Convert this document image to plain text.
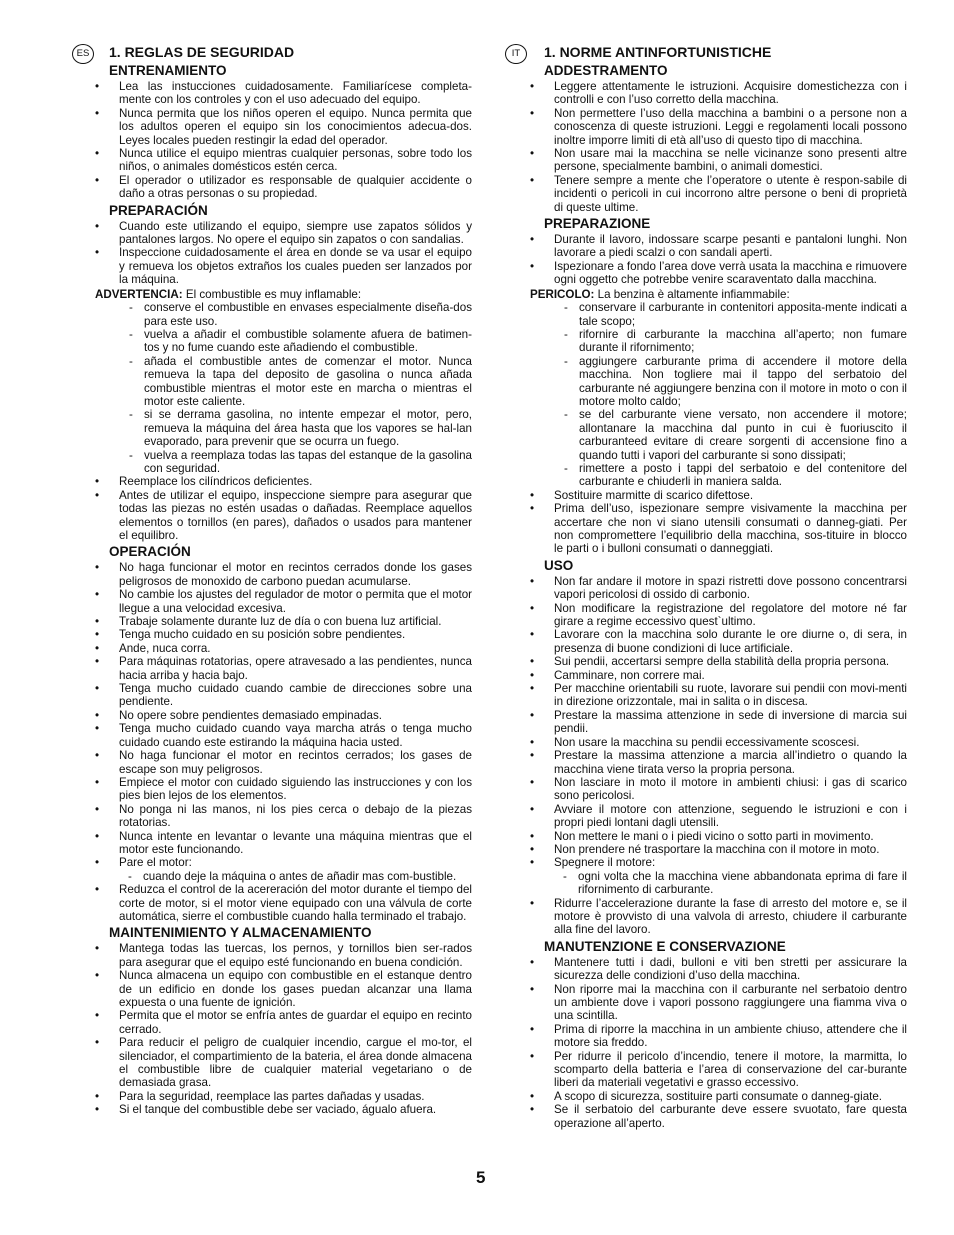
ES	IT
1. REGLAS DE SEGURIDAD
ENTRENAMIENTO
• Lea las instucciones cuidadosamente. Familiarícese completa-mente con los controles y con el uso adecuado del equipo.
• Nunca permita que los niños operen el equipo. Nunca permita que los adultos operen el equipo sin los conocimientos adecua-dos. Leyes locales pueden restingir la edad del operador.
• Nunca utilice el equipo mientras cualquier personas, sobre todo los niños, o animales domésticos estén cerca.
• El operador o utilizador es responsable de qualquier accidente o daño a otras personas o su propiedad.
PREPARACIÓN
• Cuando este utilizando el equipo, siempre use zapatos sólidos y pantalones largos. No opere el equipo sin zapatos o con sandalias.
• Inspeccione cuidadosamente el área en donde se va usar el equipo y remueva los objetos extraños los cuales pueden ser lanzados por la máquina.

ADVERTENCIA: El combustible es muy inflamable:

- conserve el combustible en envases especialmente diseña-dos para este uso.
- vuelva a añadir el combustible solamente afuera de batimen-tos y no fume cuando este añadiendo el combustible.
- añada el combustible antes de comenzar el motor. Nunca remueva la tapa del deposito de gasolina o nunca añada combustible mientras el motor este en marcha o mientras el motor este caliente.
- si se derrama gasolina, no intente empezar el motor, pero, remueva la máquina del área hasta que los vapores se hal-lan evaporado, para prevenir que se ocurra un fuego.
- vuelva a reemplaza todas las tapas del estanque de la gasolina con seguridad.
• Reemplace los cilíndricos deficientes.
• Antes de utilizar el equipo, inspeccione siempre para asegurar que todas las piezas no estén usadas o dañadas. Reemplace aquellos elementos o tornillos (en pares), dañados o usados para mantener el equilibro.
OPERACIÓN
• No haga funcionar el motor en recintos cerrados donde los gases peligrosos de monoxido de carbono puedan acumularse.
• No cambie los ajustes del regulador de motor o permita que el motor llegue a una velocidad excesiva.
• Trabaje solamente durante luz de día o con buena luz artificial.
• Tenga mucho cuidado en su posición sobre pendientes.
• Ande, nuca corra.
• Para máquinas rotatorias, opere atravesado a las pendientes, nunca hacia arriba y hacia bajo.
• Tenga mucho cuidado cuando cambie de direcciones sobre una pendiente.
• No opere sobre pendientes demasiado empinadas.
• Tenga mucho cuidado cuando vaya marcha atrás o tenga mucho cuidado cuando este estirando la máquina hacia usted.
• No haga funcionar el motor en recintos cerrados; los gases de escape son muy peligrosos.
• Empiece el motor con cuidado siguiendo las instrucciones y con los pies bien lejos de los elementos.
• No ponga ni las manos, ni los pies cerca o debajo de la piezas rotatorias.
• Nunca intente en levantar o levante una máquina mientras que el motor este funcionando.
• Pare el motor:
- cuando deje la máquina o antes de añadir mas com-bustible.
• Reduzca el control de la acereración del motor durante el tiempo del corte de motor, si el motor viene equipado con una válvula de corte automática, sierre el combustible cuando halla terminado el trabajo.
MAINTENIMIENTO Y ALMACENAMIENTO
• Mantega todas las tuercas, los pernos, y tornillos bien ser-rados para asegurar que el equipo esté funcionando en buena condición.
• Nunca almacena un equipo con combustible en el estanque dentro de un edificio en donde los gases puedan alcanzar una llama expuesta o una fuente de ignición.
• Permita que el motor se enfría antes de guardar el equipo en recinto cerrado.
• Para reducir el peligro de cualquier incendio, cargue el mo-tor, el silenciador, el compartimiento de la bateria, el área donde almacena el combustible libre de cualquier material vegetariano o de demasiada grasa.
• Para la seguridad, reemplace las partes dañadas y usadas.
• Si el tanque del combustible debe ser vaciado, águalo afuera.
1. NORME ANTINFORTUNISTICHE
ADDESTRAMENTO
• Leggere attentamente le istruzioni. Acquisire domestichezza con i controlli e con l’uso corretto della macchina.
• Non permettere l’uso della macchina a bambini o a persone non a conoscenza di queste istruzioni. Leggi e regolamenti locali possono inoltre imporre limiti di età all’uso di questo tipo di macchina.
• Non usare mai la macchina se nelle vicinanze sono presenti altre persone, specialmente bambini, o animali domestici.
• Tenere sempre a mente che l’operatore o utente è respon-sabile di incidenti o pericoli in cui incorrono altre persone o beni di proprietà di queste ultime.
PREPARAZIONE
• Durante il lavoro, indossare scarpe pesanti e pantaloni lunghi. Non lavorare a piedi scalzi o con sandali aperti.
• Ispezionare a fondo l’area dove verrà usata la macchina e rimuovere ogni oggetto che potrebbe venire scaraventato dalla macchina.

PERICOLO: La benzina è altamente infiammabile:

- conservare il carburante in contenitori apposita-mente indicati a tale scopo;
- rifornire di carburante la macchina all’aperto; non fumare durante il rifornimento;
- aggiungere carburante prima di accendere il motore della macchina. Non togliere mai il tappo del serbatoio del carburante né aggiungere benzina con il motore in moto o con il motore molto caldo;
- se del carburante viene versato, non accendere il motore; allontanare la macchina dal punto in cui è fuoriuscito il carburanteed evitare di creare sorgenti di accensione fino a quando tutti i vapori del carburante si sono dissipati;
- rimettere a posto i tappi del serbatoio e del contenitore del carburante e chiuderli in maniera salda.
• Sostituire marmitte di scarico difettose.
• Prima dell’uso, ispezionare sempre visivamente la macchina per accertare che non vi siano utensili consumati o danneg-giati. Per non compromettere l’equilibrio della macchina, sos-tituire in blocco le parti o i bulloni consumati o danneggiati.
USO
• Non far andare il motore in spazi ristretti dove possono concentrarsi vapori pericolosi di ossido di carbonio.
• Non modificare la registrazione del regolatore del motore né far girare a regime eccessivo quest`ultimo.
• Lavorare con la macchina solo durante le ore diurne o, di sera, in presenza di buone condizioni di luce artificiale.
• Sui pendii, accertarsi sempre della stabilità della propria persona.
• Camminare, non correre mai.
• Per macchine orientabili su ruote, lavorare sui pendii con movi-menti in direzione orizzontale, mai in salita o in discesa.
• Prestare la massima attenzione in sede di inversione di marcia sui pendii.
• Non usare la macchina su pendii eccessivamente scoscesi.
• Prestare la massima attenzione a marcia all’indietro o quando la macchina viene tirata verso la propria persona.
• Non lasciare in moto il motore in ambienti chiusi: i gas di scarico sono pericolosi.
• Avviare il motore con attenzione, seguendo le istruzioni e con i propri piedi lontani dagli utensili.
• Non mettere le mani o i piedi vicino o sotto parti in movimento.
• Non prendere né trasportare la macchina con il motore in moto.
• Spegnere il motore:
- ogni volta che la macchina viene abbandonata eprima di fare il rifornimento di carburante.
• Ridurre l’accelerazione durante la fase di arresto del motore e, se il motore è provvisto di una valvola di arresto, chiudere il carburante alla fine del lavoro.
MANUTENZIONE E CONSERVAZIONE
• Mantenere tutti i dadi, bulloni e viti ben stretti per assicurare la sicurezza delle condizioni d’uso della macchina.
• Non riporre mai la macchina con il carburante nel serbatoio dentro un ambiente dove i vapori possono raggiungere una fiamma viva o una scintilla.
• Prima di riporre la macchina in un ambiente chiuso, attendere che il motore sia freddo.
• Per ridurre il pericolo d’incendio, tenere il motore, la marmitta, lo scomparto della batteria e l’area di conservazione del car-burante liberi da materiali vegetativi e grasso eccessivo.
• A scopo di sicurezza, sostituire parti consumate o danneg-giate.
• Se il serbatoio del carburante deve essere svuotato, fare questa operazione all’aperto.
5
